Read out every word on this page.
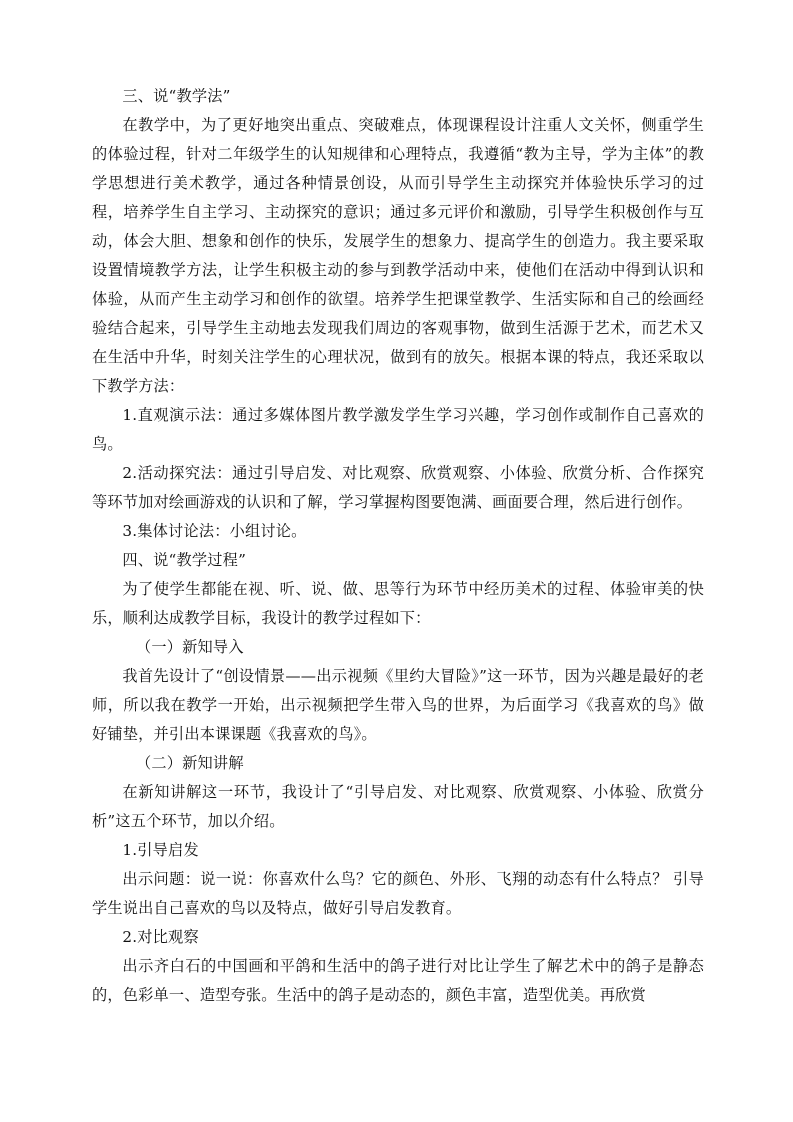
三、说“教学法”

在教学中，为了更好地突出重点、突破难点，体现课程设计注重人文关怀，侧重学生的体验过程，针对二年级学生的认知规律和心理特点，我遵循“教为主导，学为主体”的教学思想进行美术教学，通过各种情景创设，从而引导学生主动探究并体验快乐学习的过程，培养学生自主学习、主动探究的意识；通过多元评价和激励，引导学生积极创作与互动，体会大胆、想象和创作的快乐，发展学生的想象力、提高学生的创造力。我主要采取设置情境教学方法，让学生积极主动的参与到教学活动中来，使他们在活动中得到认识和体验，从而产生主动学习和创作的欲望。培养学生把课堂教学、生活实际和自己的绘画经验结合起来，引导学生主动地去发现我们周边的客观事物，做到生活源于艺术，而艺术又在生活中升华，时刻关注学生的心理状况，做到有的放矢。根据本课的特点，我还采取以下教学方法：

1.直观演示法：通过多媒体图片教学激发学生学习兴趣，学习创作或制作自己喜欢的鸟。

2.活动探究法：通过引导启发、对比观察、欣赏观察、小体验、欣赏分析、合作探究等环节加对绘画游戏的认识和了解，学习掌握构图要饱满、画面要合理，然后进行创作。

3.集体讨论法：小组讨论。

四、说“教学过程”

为了使学生都能在视、听、说、做、思等行为环节中经历美术的过程、体验审美的快乐，顺利达成教学目标，我设计的教学过程如下：

（一）新知导入

我首先设计了“创设情景——出示视频《里约大冒险》”这一环节，因为兴趣是最好的老师，所以我在教学一开始，出示视频把学生带入鸟的世界，为后面学习《我喜欢的鸟》做好铺垫，并引出本课课题《我喜欢的鸟》。

（二）新知讲解

在新知讲解这一环节，我设计了“引导启发、对比观察、欣赏观察、小体验、欣赏分析”这五个环节，加以介绍。

1.引导启发

出示问题：说一说：你喜欢什么鸟？它的颜色、外形、飞翔的动态有什么特点？ 引导学生说出自己喜欢的鸟以及特点，做好引导启发教育。

2.对比观察

出示齐白石的中国画和平鸽和生活中的鸽子进行对比让学生了解艺术中的鸽子是静态的，色彩单一、造型夸张。生活中的鸽子是动态的，颜色丰富，造型优美。再欣赏
